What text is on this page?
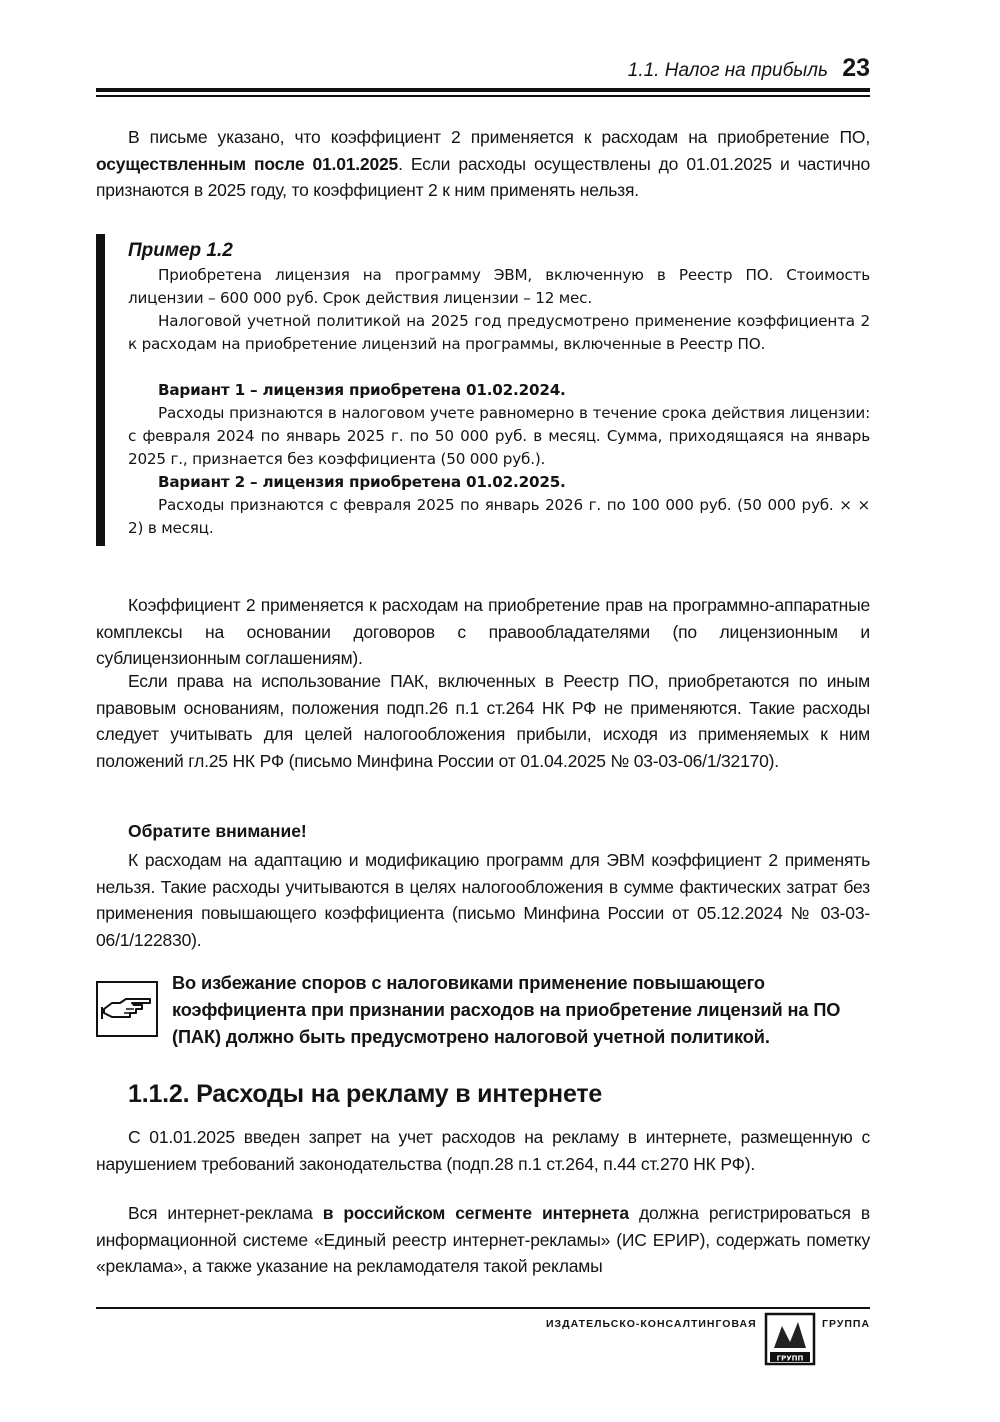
1.1. Налог на прибыль 23
В письме указано, что коэффициент 2 применяется к расходам на приобретение ПО, осуществленным после 01.01.2025. Если расходы осуществлены до 01.01.2025 и частично признаются в 2025 году, то коэффициент 2 к ним применять нельзя.
Пример 1.2
Приобретена лицензия на программу ЭВМ, включенную в Реестр ПО. Стоимость лицензии – 600 000 руб. Срок действия лицензии – 12 мес.
Налоговой учетной политикой на 2025 год предусмотрено применение коэффициента 2 к расходам на приобретение лицензий на программы, включенные в Реестр ПО.
Вариант 1 – лицензия приобретена 01.02.2024.
Расходы признаются в налоговом учете равномерно в течение срока действия лицензии: с февраля 2024 по январь 2025 г. по 50 000 руб. в месяц. Сумма, приходящаяся на январь 2025 г., признается без коэффициента (50 000 руб.).
Вариант 2 – лицензия приобретена 01.02.2025.
Расходы признаются с февраля 2025 по январь 2026 г. по 100 000 руб. (50 000 руб. × × 2) в месяц.
Коэффициент 2 применяется к расходам на приобретение прав на программно-аппаратные комплексы на основании договоров с правообладателями (по лицензионным и сублицензионным соглашениям).
Если права на использование ПАК, включенных в Реестр ПО, приобретаются по иным правовым основаниям, положения подп.26 п.1 ст.264 НК РФ не применяются. Такие расходы следует учитывать для целей налогообложения прибыли, исходя из применяемых к ним положений гл.25 НК РФ (письмо Минфина России от 01.04.2025 № 03-03-06/1/32170).
Обратите внимание!
К расходам на адаптацию и модификацию программ для ЭВМ коэффициент 2 применять нельзя. Такие расходы учитываются в целях налогообложения в сумме фактических затрат без применения повышающего коэффициента (письмо Минфина России от 05.12.2024 № 03-03-06/1/122830).
Во избежание споров с налоговиками применение повышающего коэффициента при признании расходов на приобретение лицензий на ПО (ПАК) должно быть предусмотрено налоговой учетной политикой.
1.1.2. Расходы на рекламу в интернете
С 01.01.2025 введен запрет на учет расходов на рекламу в интернете, размещенную с нарушением требований законодательства (подп.28 п.1 ст.264, п.44 ст.270 НК РФ).
Вся интернет-реклама в российском сегменте интернета должна регистрироваться в информационной системе «Единый реестр интернет-рекламы» (ИС ЕРИР), содержать пометку «реклама», а также указание на рекламодателя такой рекламы
ИЗДАТЕЛЬСКО-КОНСАЛТИНГОВАЯ	ГРУППА
ГРУПП
